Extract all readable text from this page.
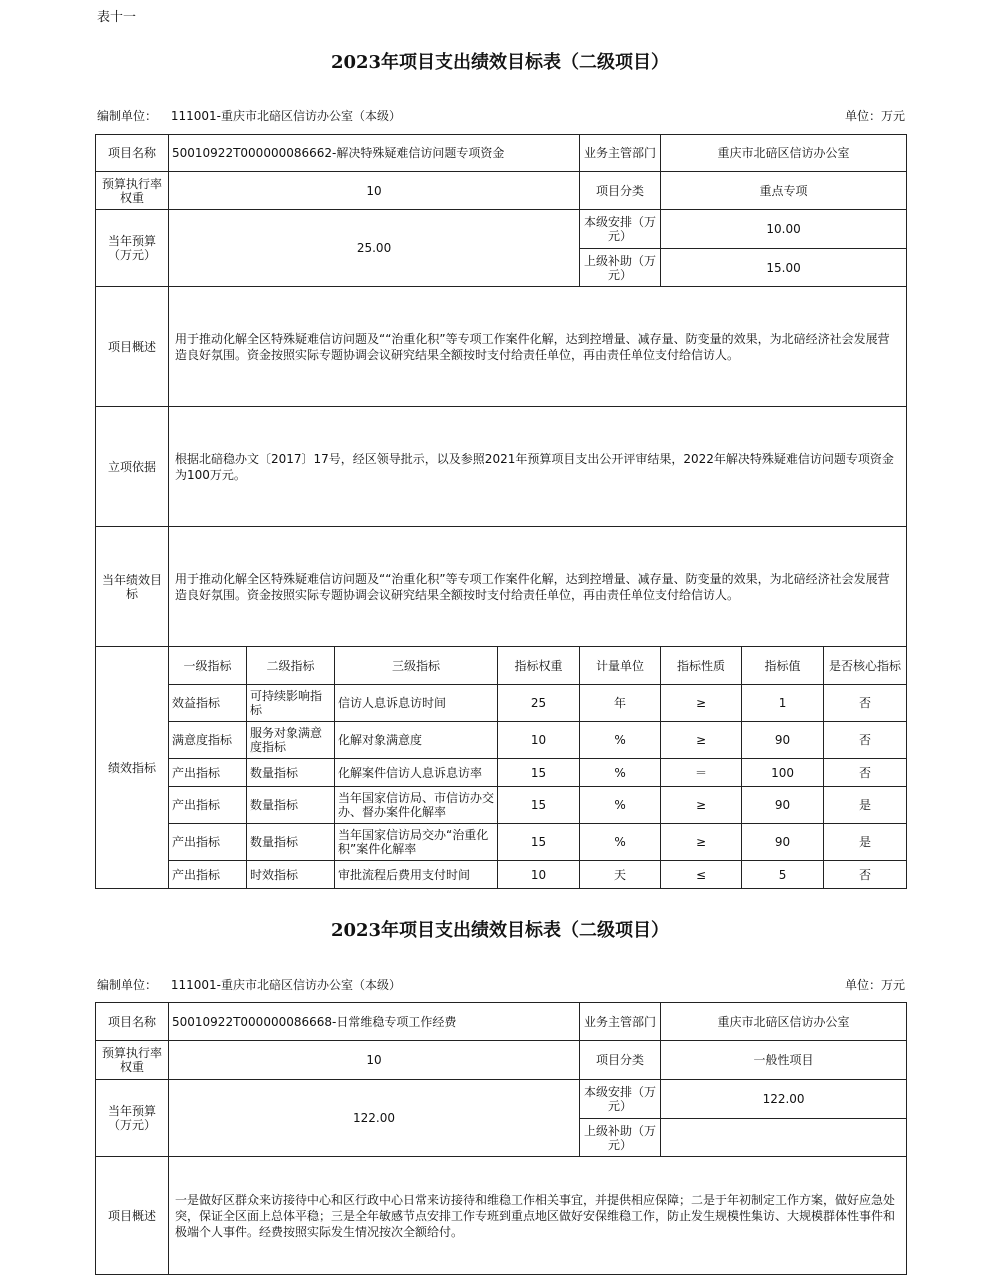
表十一
2023年项目支出绩效目标表（二级项目）
编制单位： 111001-重庆市北碚区信访办公室（本级）	单位：万元
项目名称	50010922T000000086662-解决特殊疑难信访问题专项资金				业务主管部门	重庆市北碚区信访办公室		
预算执行率权重	10				项目分类	重点专项		
当年预算（万元）	25.00				本级安排（万元）	10.00		
					上级补助（万元）	15.00		
项目概述	用于推动化解全区特殊疑难信访问题及““治重化积”等专项工作案件化解，达到控增量、减存量、防变量的效果，为北碚经济社会发展营造良好氛围。资金按照实际专题协调会议研究结果全额按时支付给责任单位，再由责任单位支付给信访人。							
立项依据	根据北碚稳办文〔2017〕17号，经区领导批示，以及参照2021年预算项目支出公开评审结果，2022年解决特殊疑难信访问题专项资金为100万元。							
当年绩效目标	用于推动化解全区特殊疑难信访问题及““治重化积”等专项工作案件化解，达到控增量、减存量、防变量的效果，为北碚经济社会发展营造良好氛围。资金按照实际专题协调会议研究结果全额按时支付给责任单位，再由责任单位支付给信访人。							
绩效指标	一级指标	二级指标	三级指标	指标权重	计量单位	指标性质	指标值	是否核心指标
	效益指标	可持续影响指标	信访人息诉息访时间	25	年	≥	1	否
	满意度指标	服务对象满意度指标	化解对象满意度	10	%	≥	90	否
	产出指标	数量指标	化解案件信访人息诉息访率	15	%	＝	100	否
	产出指标	数量指标	当年国家信访局、市信访办交办、督办案件化解率	15	%	≥	90	是
	产出指标	数量指标	当年国家信访局交办“治重化积”案件化解率	15	%	≥	90	是
	产出指标	时效指标	审批流程后费用支付时间	10	天	≤	5	否
2023年项目支出绩效目标表（二级项目）
编制单位： 111001-重庆市北碚区信访办公室（本级）	单位：万元
项目名称	50010922T000000086668-日常维稳专项工作经费	业务主管部门	重庆市北碚区信访办公室
预算执行率权重	10	项目分类	一般性项目
当年预算（万元）	122.00	本级安排（万元）	122.00
		上级补助（万元）	
项目概述	一是做好区群众来访接待中心和区行政中心日常来访接待和维稳工作相关事宜，并提供相应保障；二是于年初制定工作方案，做好应急处突，保证全区面上总体平稳；三是全年敏感节点安排工作专班到重点地区做好安保维稳工作，防止发生规模性集访、大规模群体性事件和极端个人事件。经费按照实际发生情况按次全额给付。		
